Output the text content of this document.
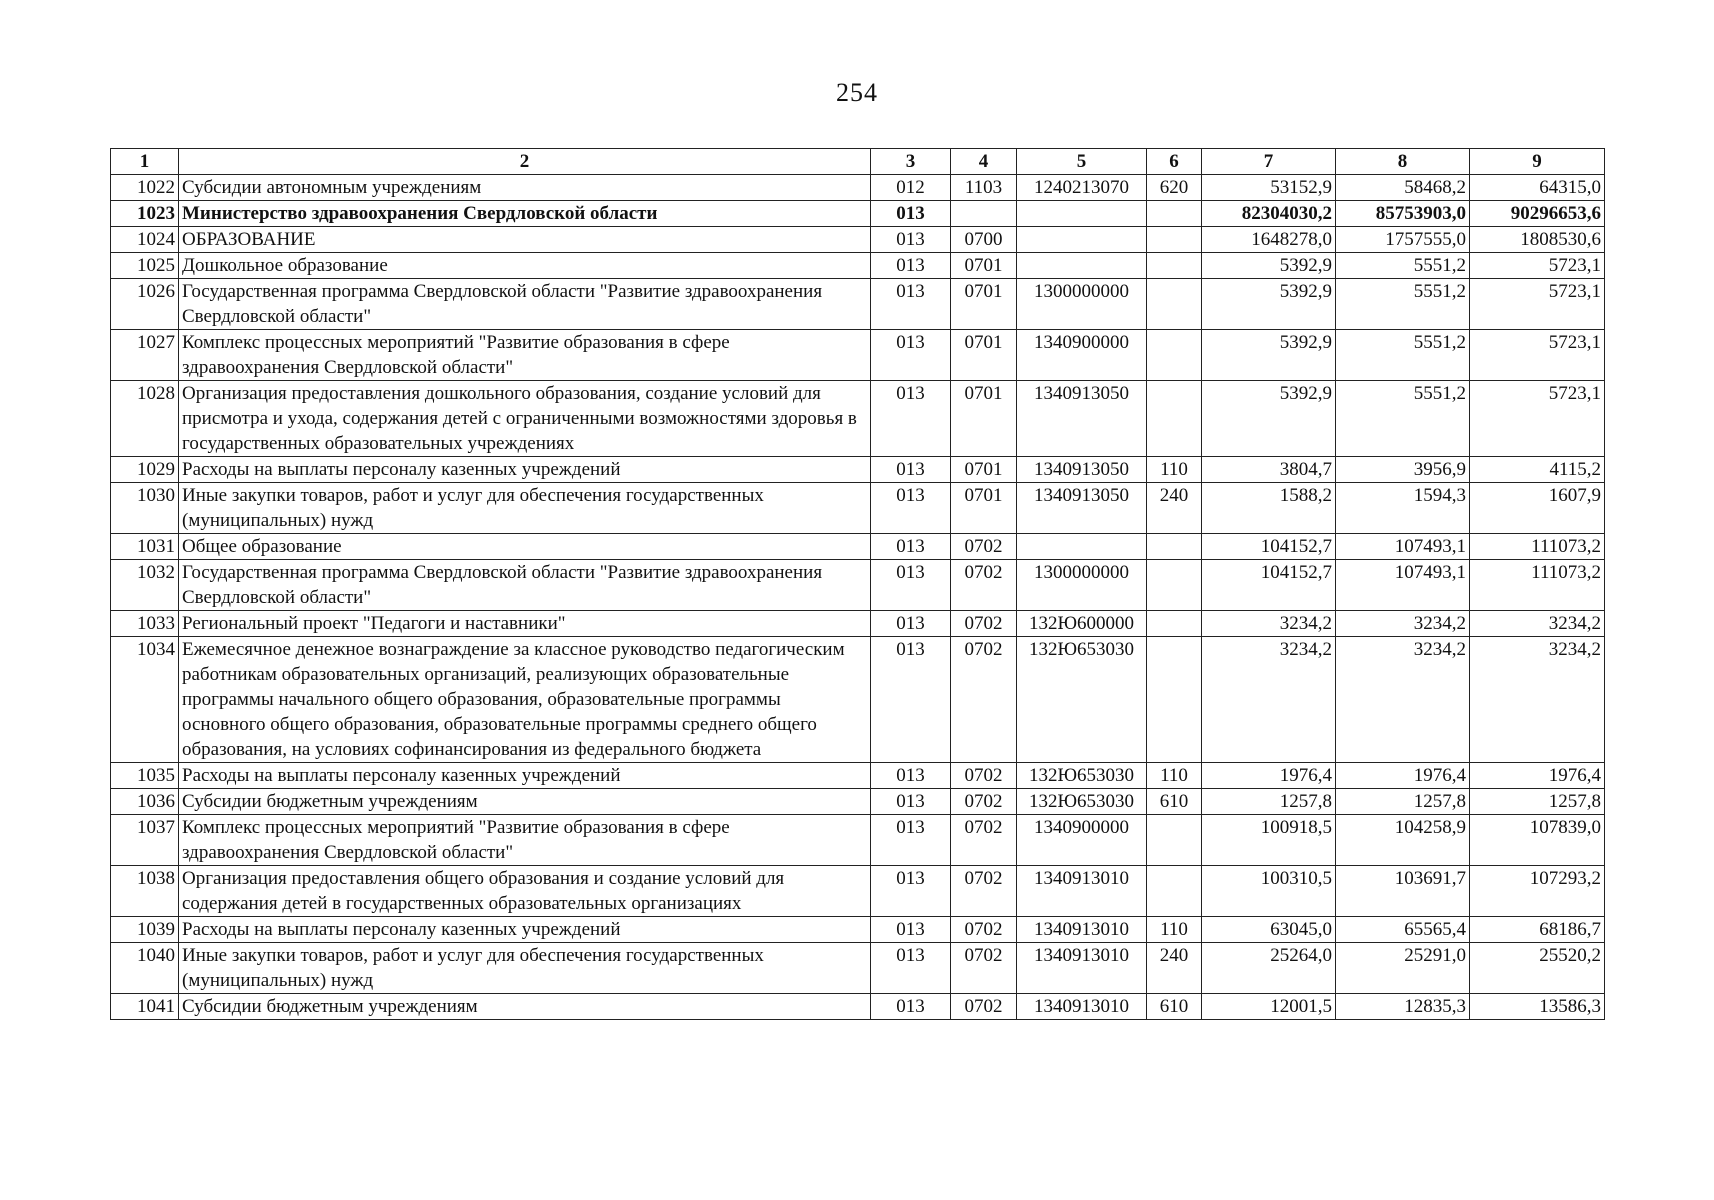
254
1	2	3	4	5	6	7	8	9
1022	Субсидии автономным учреждениям	012	1103	1240213070	620	53152,9	58468,2	64315,0
1023	Министерство здравоохранения Свердловской области	013				82304030,2	85753903,0	90296653,6
1024	ОБРАЗОВАНИЕ	013	0700			1648278,0	1757555,0	1808530,6
1025	Дошкольное образование	013	0701			5392,9	5551,2	5723,1
1026	Государственная программа Свердловской области "Развитие здравоохранения Свердловской области"	013	0701	1300000000		5392,9	5551,2	5723,1
1027	Комплекс процессных мероприятий "Развитие образования в сфере здравоохранения Свердловской области"	013	0701	1340900000		5392,9	5551,2	5723,1
1028	Организация предоставления дошкольного образования, создание условий для присмотра и ухода, содержания детей с ограниченными возможностями здоровья в государственных образовательных учреждениях	013	0701	1340913050		5392,9	5551,2	5723,1
1029	Расходы на выплаты персоналу казенных учреждений	013	0701	1340913050	110	3804,7	3956,9	4115,2
1030	Иные закупки товаров, работ и услуг для обеспечения государственных (муниципальных) нужд	013	0701	1340913050	240	1588,2	1594,3	1607,9
1031	Общее образование	013	0702			104152,7	107493,1	111073,2
1032	Государственная программа Свердловской области "Развитие здравоохранения Свердловской области"	013	0702	1300000000		104152,7	107493,1	111073,2
1033	Региональный проект "Педагоги и наставники"	013	0702	132Ю600000		3234,2	3234,2	3234,2
1034	Ежемесячное денежное вознаграждение за классное руководство педагогическим работникам образовательных организаций, реализующих образовательные программы начального общего образования, образовательные программы основного общего образования, образовательные программы среднего общего образования, на условиях софинансирования из федерального бюджета	013	0702	132Ю653030		3234,2	3234,2	3234,2
1035	Расходы на выплаты персоналу казенных учреждений	013	0702	132Ю653030	110	1976,4	1976,4	1976,4
1036	Субсидии бюджетным учреждениям	013	0702	132Ю653030	610	1257,8	1257,8	1257,8
1037	Комплекс процессных мероприятий "Развитие образования в сфере здравоохранения Свердловской области"	013	0702	1340900000		100918,5	104258,9	107839,0
1038	Организация предоставления общего образования и создание условий для содержания детей в государственных образовательных организациях	013	0702	1340913010		100310,5	103691,7	107293,2
1039	Расходы на выплаты персоналу казенных учреждений	013	0702	1340913010	110	63045,0	65565,4	68186,7
1040	Иные закупки товаров, работ и услуг для обеспечения государственных (муниципальных) нужд	013	0702	1340913010	240	25264,0	25291,0	25520,2
1041	Субсидии бюджетным учреждениям	013	0702	1340913010	610	12001,5	12835,3	13586,3
